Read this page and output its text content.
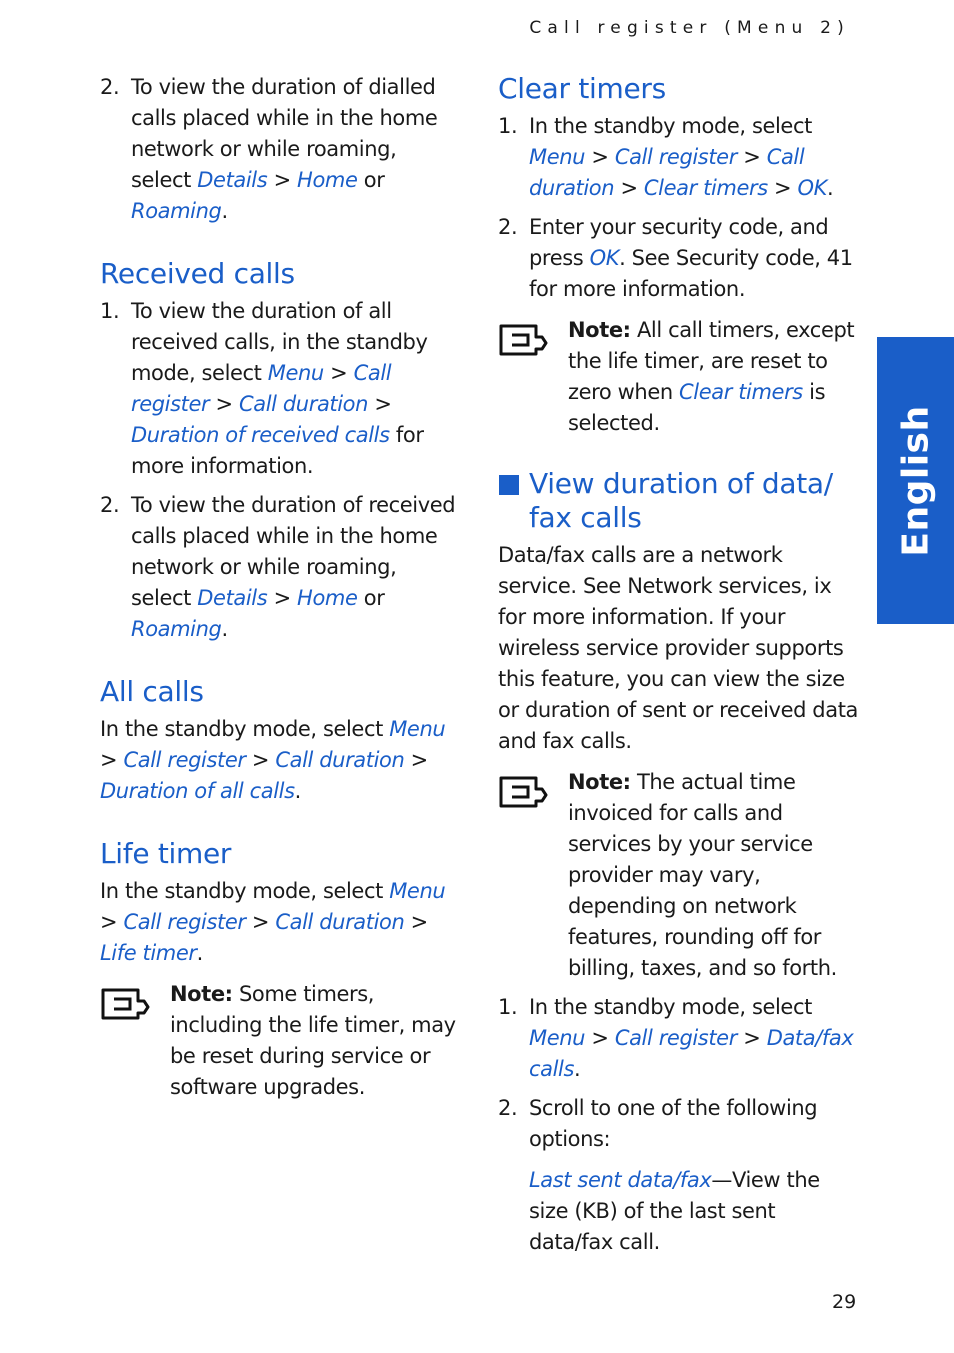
Call register (Menu 2)
English
2. To view the duration of dialled calls placed while in the home network or while roaming, select Details > Home or Roaming.
Received calls
1. To view the duration of all received calls, in the standby mode, select Menu > Call register > Call duration > Duration of received calls for more information.
2. To view the duration of received calls placed while in the home network or while roaming, select Details > Home or Roaming.
All calls

In the standby mode, select Menu > Call register > Call duration > Duration of all calls.

Life timer

In the standby mode, select Menu > Call register > Call duration > Life timer.

Note: Some timers, including the life timer, may be reset during service or software upgrades.
Clear timers
1. In the standby mode, select Menu > Call register > Call duration > Clear timers > OK.
2. Enter your security code, and press OK. See Security code, 41 for more information.
Note: All call timers, except the life timer, are reset to zero when Clear timers is selected.
View duration of data/ fax calls

Data/fax calls are a network service. See Network services, ix for more information. If your wireless service provider supports this feature, you can view the size or duration of sent or received data and fax calls.

Note: The actual time invoiced for calls and services by your service provider may vary, depending on network features, rounding off for billing, taxes, and so forth.
1. In the standby mode, select Menu > Call register > Data/fax calls.
2. Scroll to one of the following options:

Last sent data/fax—View the size (KB) of the last sent data/fax call.

29
